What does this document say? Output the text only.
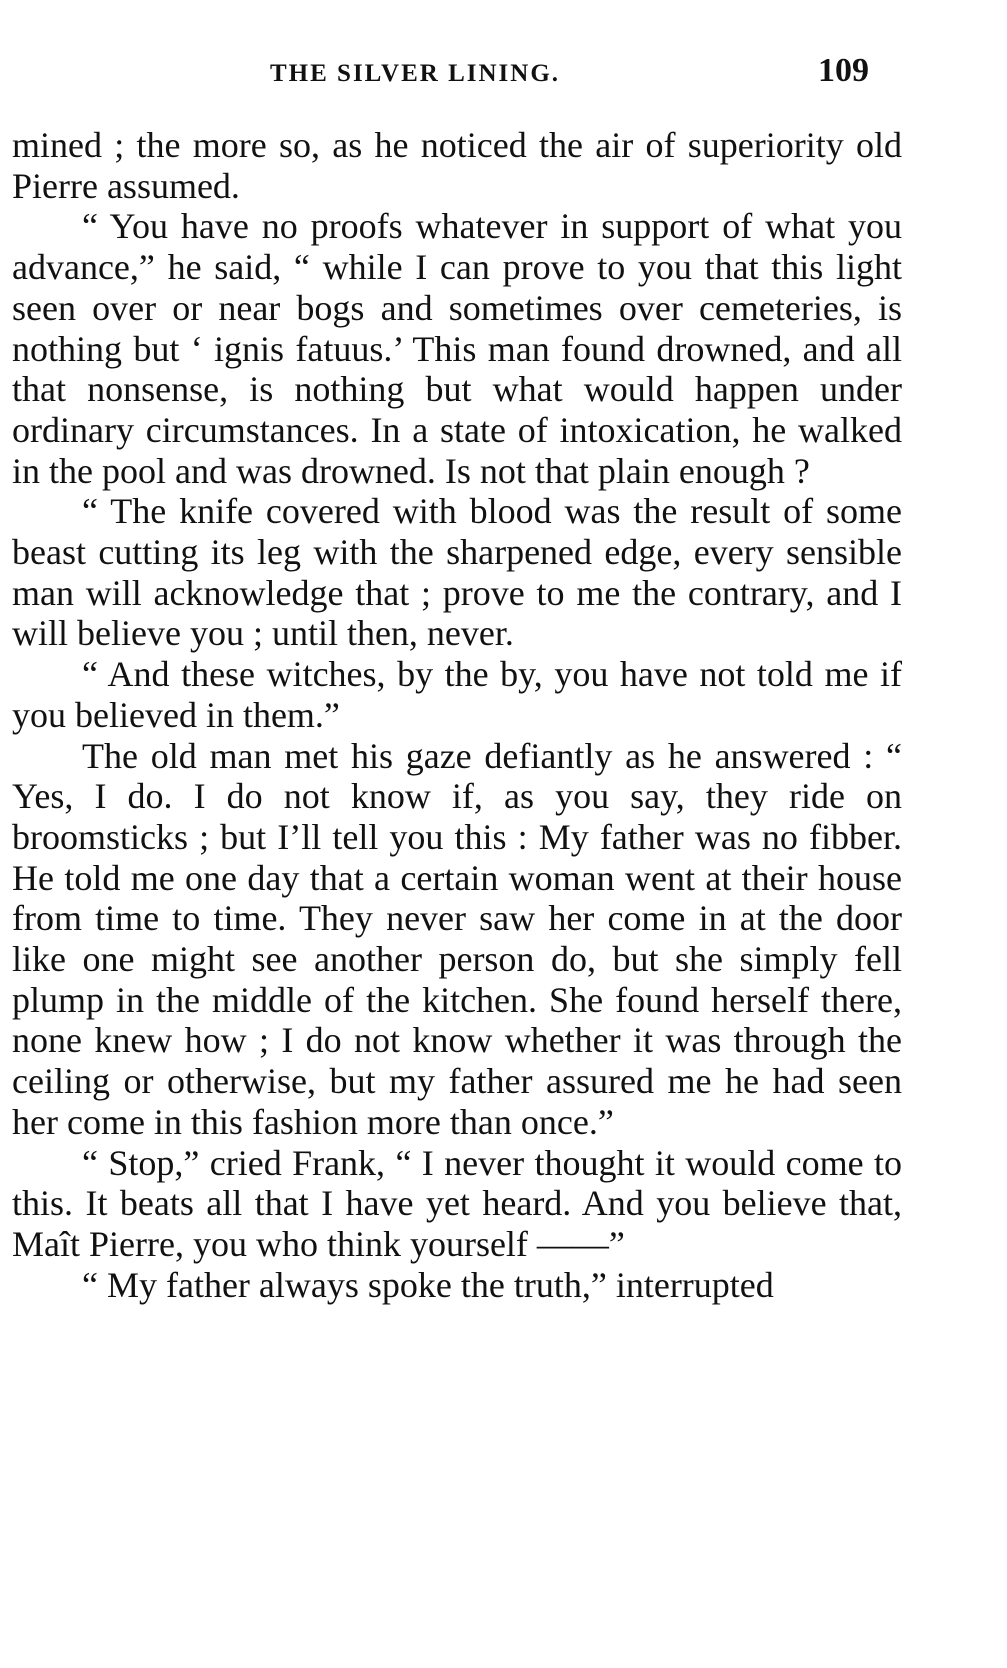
THE SILVER LINING.	109

mined ; the more so, as he noticed the air of superiority old Pierre assumed.

“ You have no proofs whatever in support of what you advance,” he said, “ while I can prove to you that this light seen over or near bogs and sometimes over cemeteries, is nothing but ‘ ignis fatuus.’ This man found drowned, and all that nonsense, is nothing but what would happen under ordinary circumstances. In a state of intoxication, he walked in the pool and was drowned. Is not that plain enough ?

“ The knife covered with blood was the result of some beast cutting its leg with the sharpened edge, every sensible man will acknowledge that ; prove to me the contrary, and I will believe you ; until then, never.

“ And these witches, by the by, you have not told me if you believed in them.”

The old man met his gaze defiantly as he answered : “ Yes, I do. I do not know if, as you say, they ride on broomsticks ; but I’ll tell you this : My father was no fibber. He told me one day that a certain woman went at their house from time to time. They never saw her come in at the door like one might see another person do, but she simply fell plump in the middle of the kitchen. She found herself there, none knew how ; I do not know whether it was through the ceiling or otherwise, but my father assured me he had seen her come in this fashion more than once.”

“ Stop,” cried Frank, “ I never thought it would come to this. It beats all that I have yet heard. And you believe that, Maît Pierre, you who think yourself ——”

“ My father always spoke the truth,” interrupted
